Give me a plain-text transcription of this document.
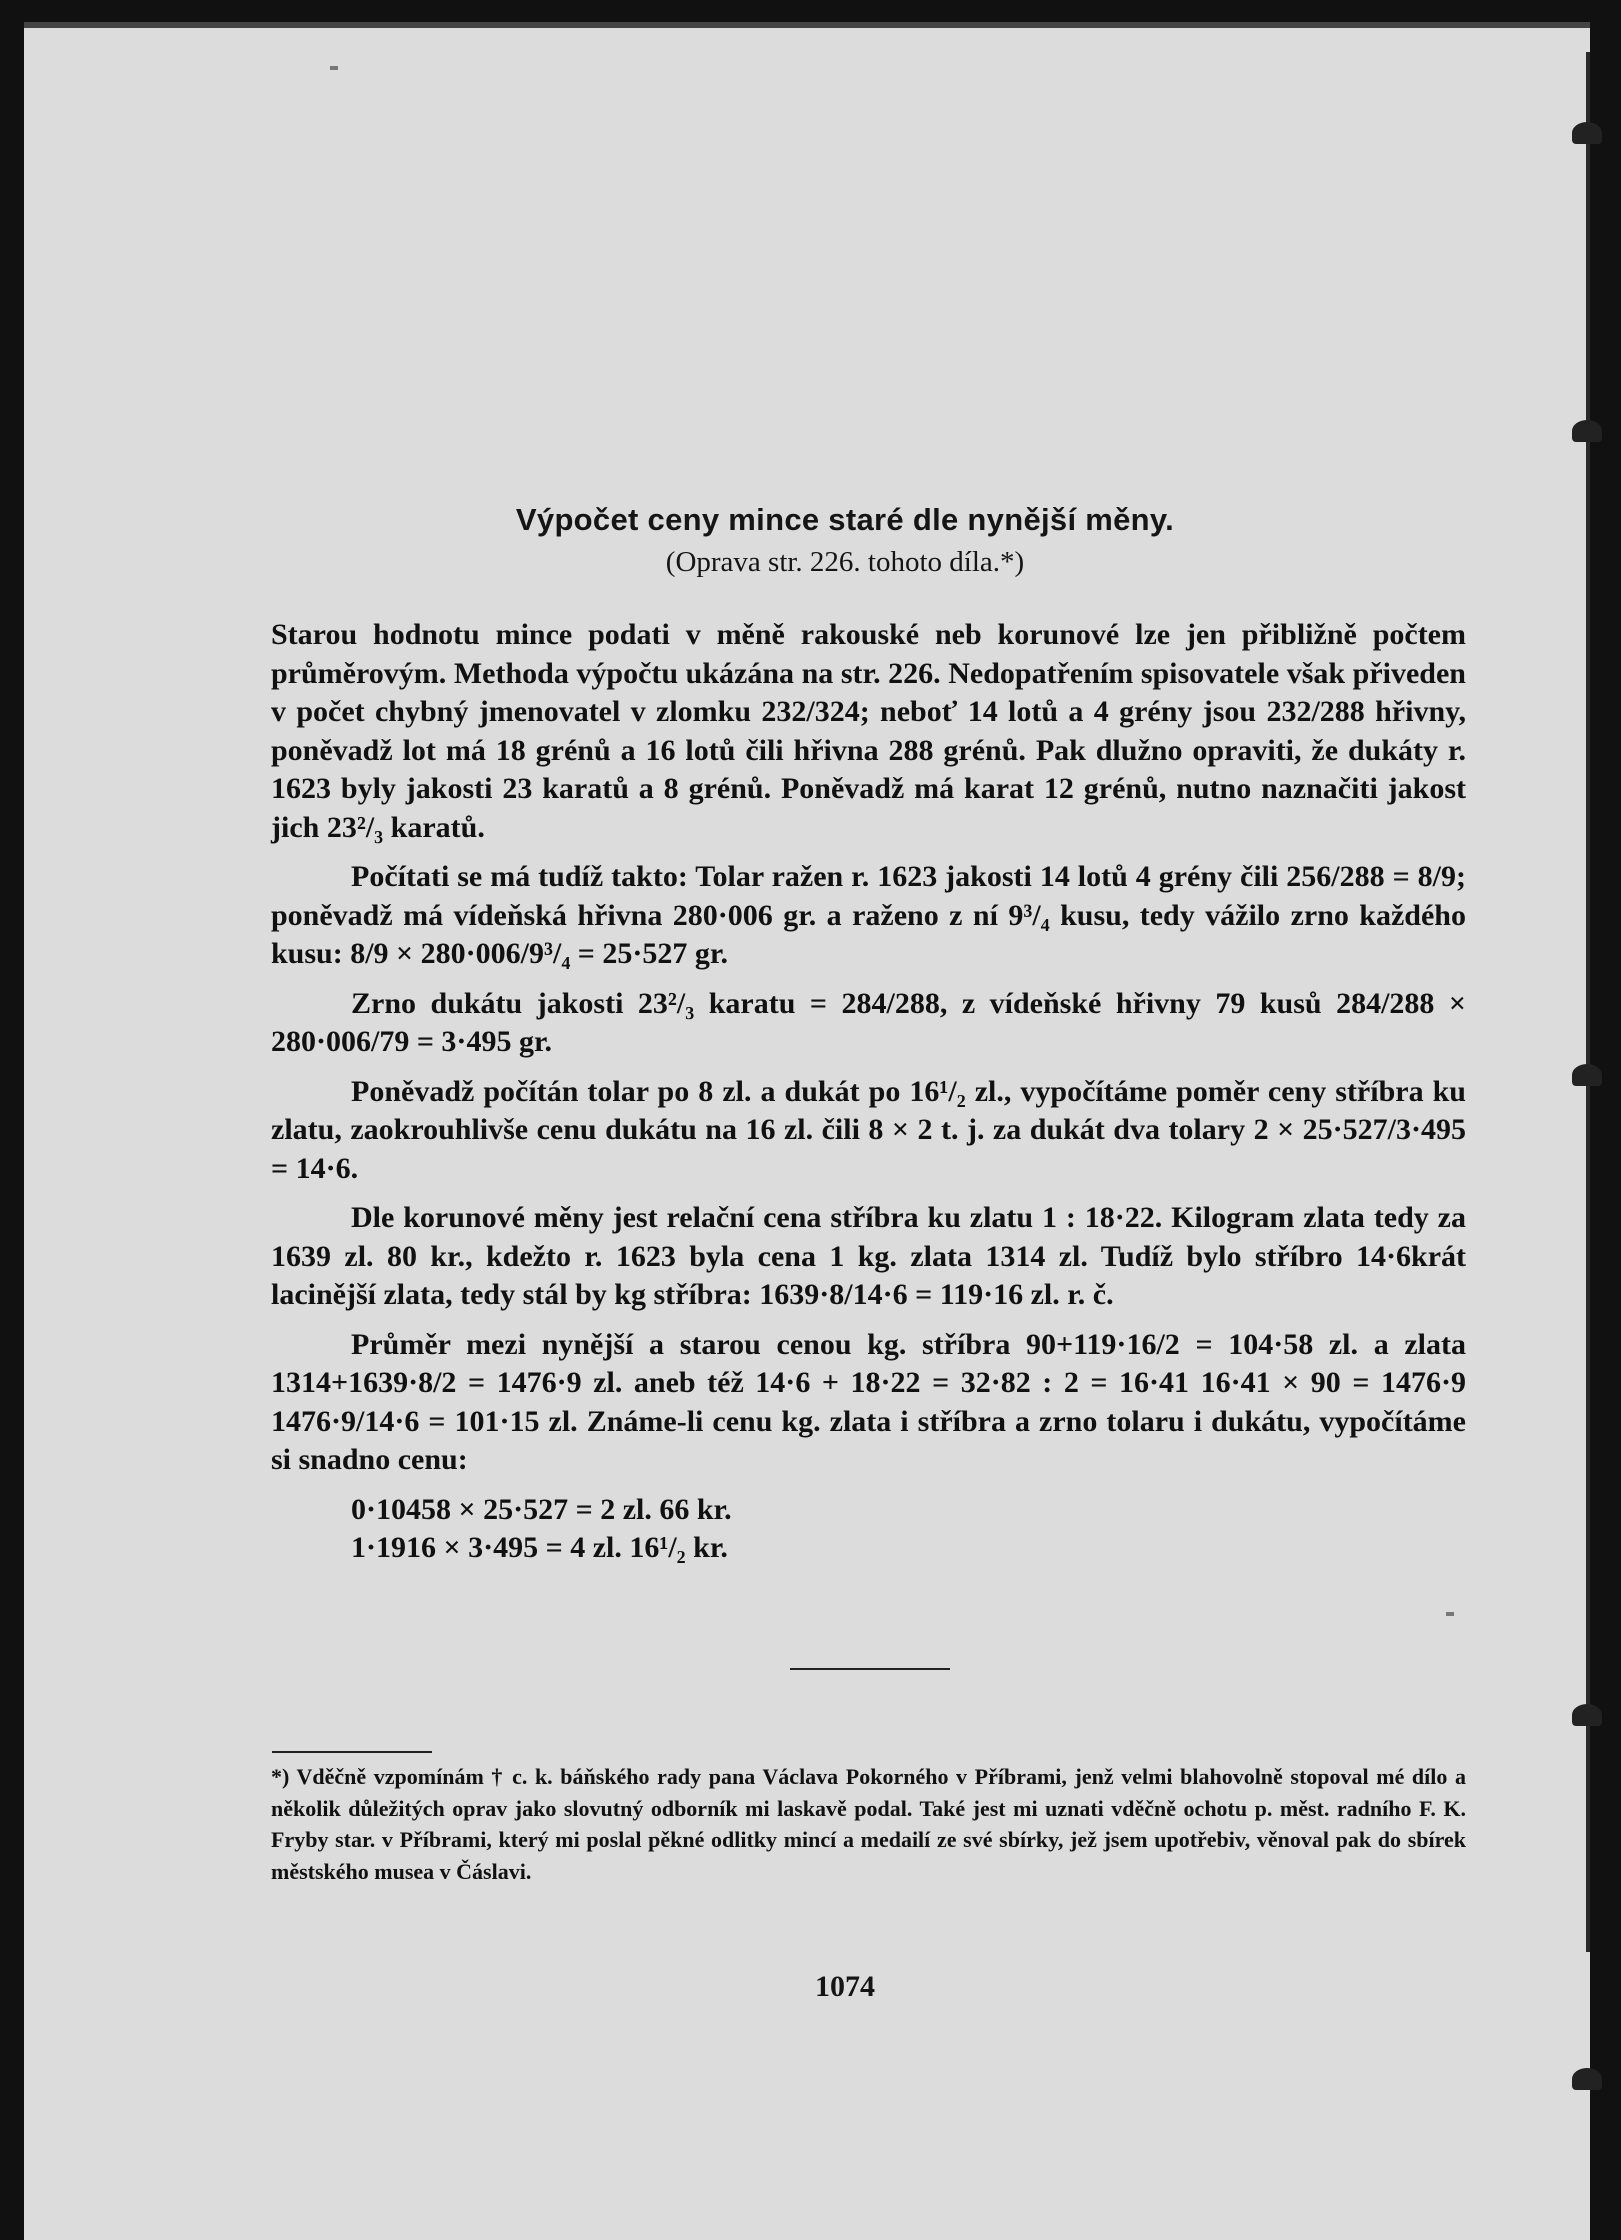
Výpočet ceny mince staré dle nynější měny.
(Oprava str. 226. tohoto díla.*)

Starou hodnotu mince podati v měně rakouské neb korunové lze jen přibližně počtem průměrovým. Methoda výpočtu ukázána na str. 226. Nedopatřením spisovatele však přiveden v počet chybný jmenovatel v zlomku 232/324; neboť 14 lotů a 4 grény jsou 232/288 hřivny, poněvadž lot má 18 grénů a 16 lotů čili hřivna 288 grénů. Pak dlužno opraviti, že dukáty r. 1623 byly jakosti 23 karatů a 8 grénů. Poněvadž má karat 12 grénů, nutno naznačiti jakost jich 23²/₃ karatů.

Počítati se má tudíž takto: Tolar ražen r. 1623 jakosti 14 lotů 4 grény čili 256/288 = 8/9; poněvadž má vídeňská hřivna 280·006 gr. a raženo z ní 9³/₄ kusu, tedy vážilo zrno každého kusu: 8/9 × 280·006/9³/₄ = 25·527 gr.

Zrno dukátu jakosti 23²/₃ karatu = 284/288, z vídeňské hřivny 79 kusů 284/288 × 280·006/79 = 3·495 gr.

Poněvadž počítán tolar po 8 zl. a dukát po 16¹/₂ zl., vypočítáme poměr ceny stříbra ku zlatu, zaokrouhlivše cenu dukátu na 16 zl. čili 8 × 2 t. j. za dukát dva tolary 2 × 25·527/3·495 = 14·6.

Dle korunové měny jest relační cena stříbra ku zlatu 1 : 18·22. Kilogram zlata tedy za 1639 zl. 80 kr., kdežto r. 1623 byla cena 1 kg. zlata 1314 zl. Tudíž bylo stříbro 14·6krát lacinější zlata, tedy stál by kg stříbra: 1639·8/14·6 = 119·16 zl. r. č.

Průměr mezi nynější a starou cenou kg. stříbra 90+119·16/2 = 104·58 zl. a zlata 1314+1639·8/2 = 1476·9 zl. aneb též 14·6 + 18·22 = 32·82 : 2 = 16·41 16·41 × 90 = 1476·9 1476·9/14·6 = 101·15 zl. Známe-li cenu kg. zlata i stříbra a zrno tolaru i dukátu, vypočítáme si snadno cenu:

0·10458 × 25·527 = 2 zl. 66 kr.

1·1916 × 3·495 = 4 zl. 16¹/₂ kr.

*) Vděčně vzpomínám † c. k. báňského rady pana Václava Pokorného v Příbrami, jenž velmi blahovolně stopoval mé dílo a několik důležitých oprav jako slovutný odborník mi laskavě podal. Také jest mi uznati vděčně ochotu p. měst. radního F. K. Fryby star. v Příbrami, který mi poslal pěkné odlitky mincí a medailí ze své sbírky, jež jsem upotřebiv, věnoval pak do sbírek městského musea v Čáslavi.
1074
